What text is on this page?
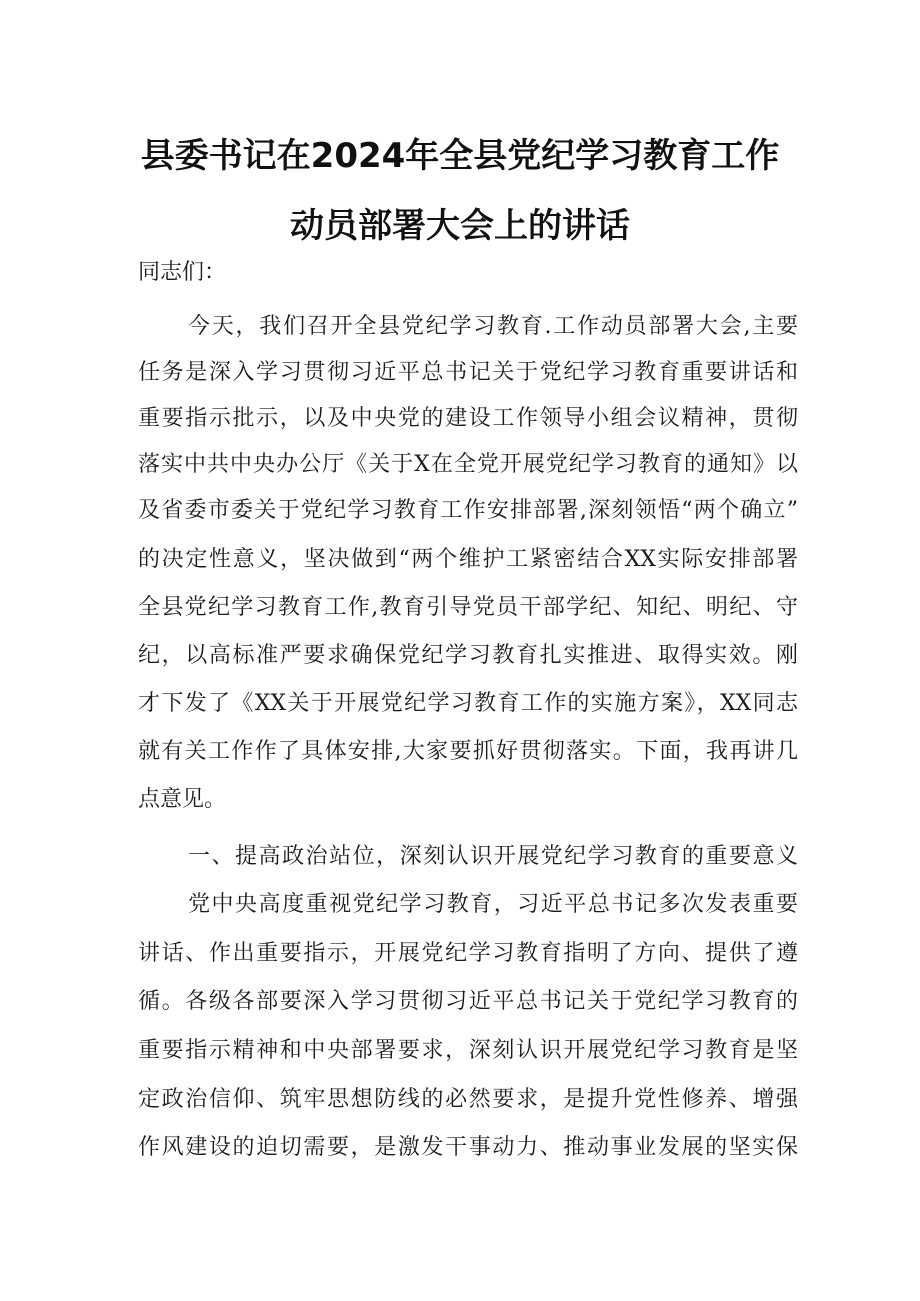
县委书记在2024年全县党纪学习教育工作
动员部署大会上的讲话
同志们：
今天，我们召开全县党纪学习教育.工作动员部署大会,主要
任务是深入学习贯彻习近平总书记关于党纪学习教育重要讲话和
重要指示批示，以及中央党的建设工作领导小组会议精神，贯彻
落实中共中央办公厅《关于X在全党开展党纪学习教育的通知》以
及省委市委关于党纪学习教育工作安排部署,深刻领悟“两个确立”
的决定性意义，坚决做到“两个维护工紧密结合XX实际安排部署
全县党纪学习教育工作,教育引导党员干部学纪、知纪、明纪、守
纪，以高标准严要求确保党纪学习教育扎实推进、取得实效。刚
才下发了《XX关于开展党纪学习教育工作的实施方案》，XX同志
就有关工作作了具体安排,大家要抓好贯彻落实。下面，我再讲几
点意见。
一、提高政治站位，深刻认识开展党纪学习教育的重要意义
党中央高度重视党纪学习教育，习近平总书记多次发表重要
讲话、作出重要指示，开展党纪学习教育指明了方向、提供了遵
循。各级各部要深入学习贯彻习近平总书记关于党纪学习教育的
重要指示精神和中央部署要求，深刻认识开展党纪学习教育是坚
定政治信仰、筑牢思想防线的必然要求，是提升党性修养、增强
作风建设的迫切需要，是激发干事动力、推动事业发展的坚实保
